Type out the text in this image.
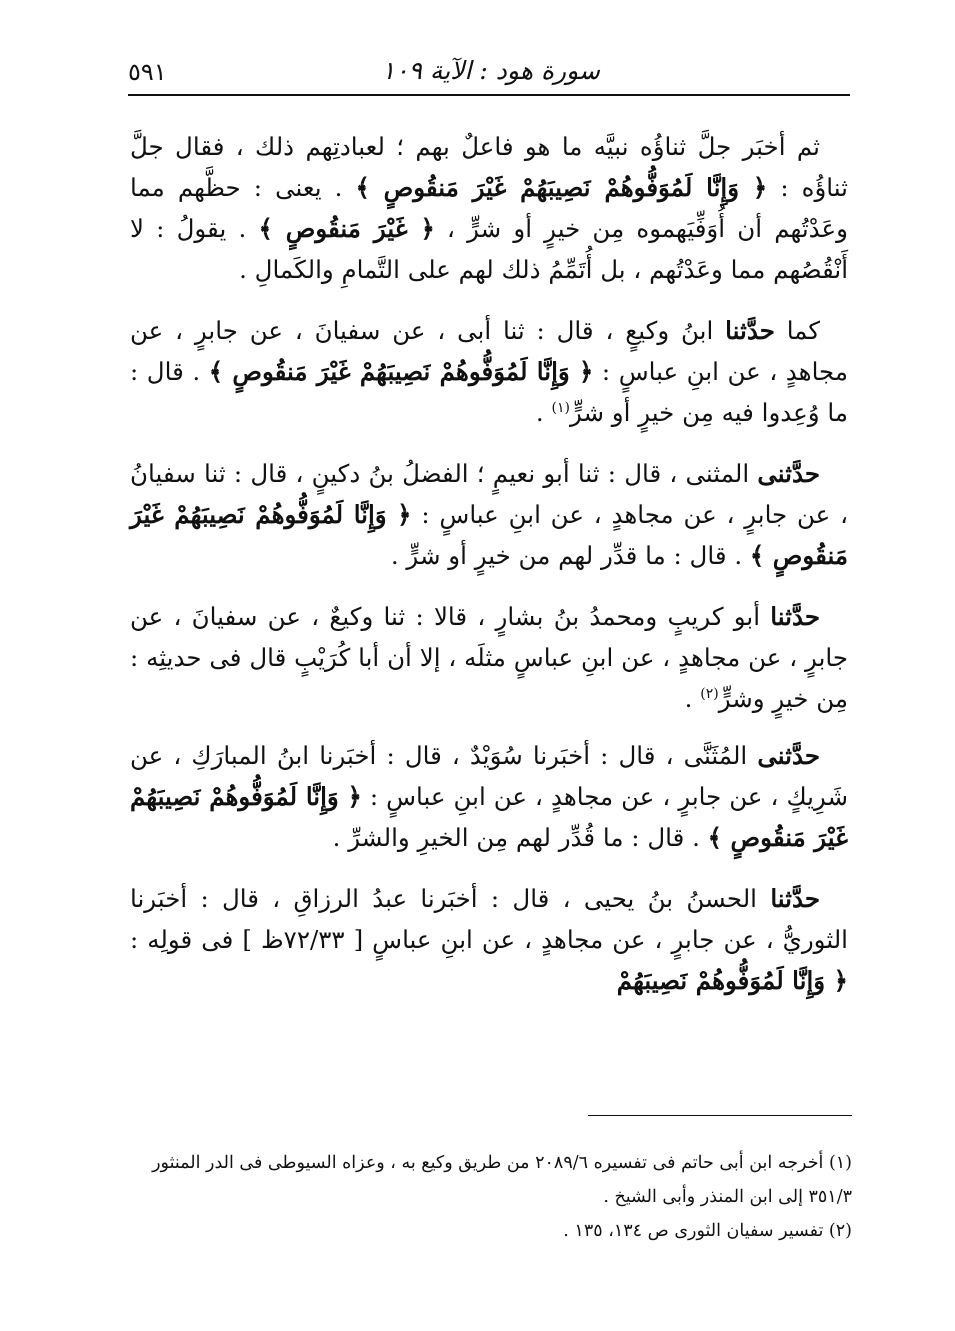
سورة هود : الآية ١٠٩
٥٩١

ثم أخبَر جلَّ ثناؤُه نبيَّه ما هو فاعلٌ بهم ؛ لعبادتِهم ذلك ، فقال جلَّ ثناؤُه : ﴿ وَإِنَّا لَمُوَفُّوهُمْ نَصِيبَهُمْ غَيْرَ مَنقُوصٍ ﴾ . يعنى : حظَّهم مما وعَدْتُهم أن أُوَفِّيَهموه مِن خيرٍ أو شرٍّ ، ﴿ غَيْرَ مَنقُوصٍ ﴾ . يقولُ : لا أَنْقُصُهم مما وعَدْتُهم ، بل أُتَمِّمُ ذلك لهم على التَّمامِ والكَمالِ .

كما حدَّثنا ابنُ وكيعٍ ، قال : ثنا أبى ، عن سفيانَ ، عن جابرٍ ، عن مجاهدٍ ، عن ابنِ عباسٍ : ﴿ وَإِنَّا لَمُوَفُّوهُمْ نَصِيبَهُمْ غَيْرَ مَنقُوصٍ ﴾ . قال : ما وُعِدوا فيه مِن خيرٍ أو شرٍّ$^{(١)}$ .

حدَّثنى المثنى ، قال : ثنا أبو نعيمٍ ؛ الفضلُ بنُ دكينٍ ، قال : ثنا سفيانُ ، عن جابرٍ ، عن مجاهدٍ ، عن ابنِ عباسٍ : ﴿ وَإِنَّا لَمُوَفُّوهُمْ نَصِيبَهُمْ غَيْرَ مَنقُوصٍ ﴾ . قال : ما قدِّر لهم من خيرٍ أو شرٍّ .

حدَّثنا أبو كريبٍ ومحمدُ بنُ بشارٍ ، قالا : ثنا وكيعٌ ، عن سفيانَ ، عن جابرٍ ، عن مجاهدٍ ، عن ابنِ عباسٍ مثلَه ، إلا أن أبا كُرَيْبٍ قال فى حديثِه : مِن خيرٍ وشرٍّ$^{(٢)}$ .

حدَّثنى المُثَنَّى ، قال : أخبَرنا سُوَيْدٌ ، قال : أخبَرنا ابنُ المبارَكِ ، عن شَرِيكٍ ، عن جابرٍ ، عن مجاهدٍ ، عن ابنِ عباسٍ : ﴿ وَإِنَّا لَمُوَفُّوهُمْ نَصِيبَهُمْ غَيْرَ مَنقُوصٍ ﴾ . قال : ما قُدِّر لهم مِن الخيرِ والشرِّ .

حدَّثنا الحسنُ بنُ يحيى ، قال : أخبَرنا عبدُ الرزاقِ ، قال : أخبَرنا الثوريُّ ، عن جابرٍ ، عن مجاهدٍ ، عن ابنِ عباسٍ [ ٧٢/٣٣ظ ] فى قولِه : ﴿ وَإِنَّا لَمُوَفُّوهُمْ نَصِيبَهُمْ

(١) أخرجه ابن أبى حاتم فى تفسيره ٢٠٨٩/٦ من طريق وكيع به ، وعزاه السيوطى فى الدر المنثور ٣٥١/٣ إلى ابن المنذر وأبى الشيخ .

(٢) تفسير سفيان الثورى ص ١٣٤، ١٣٥ .
